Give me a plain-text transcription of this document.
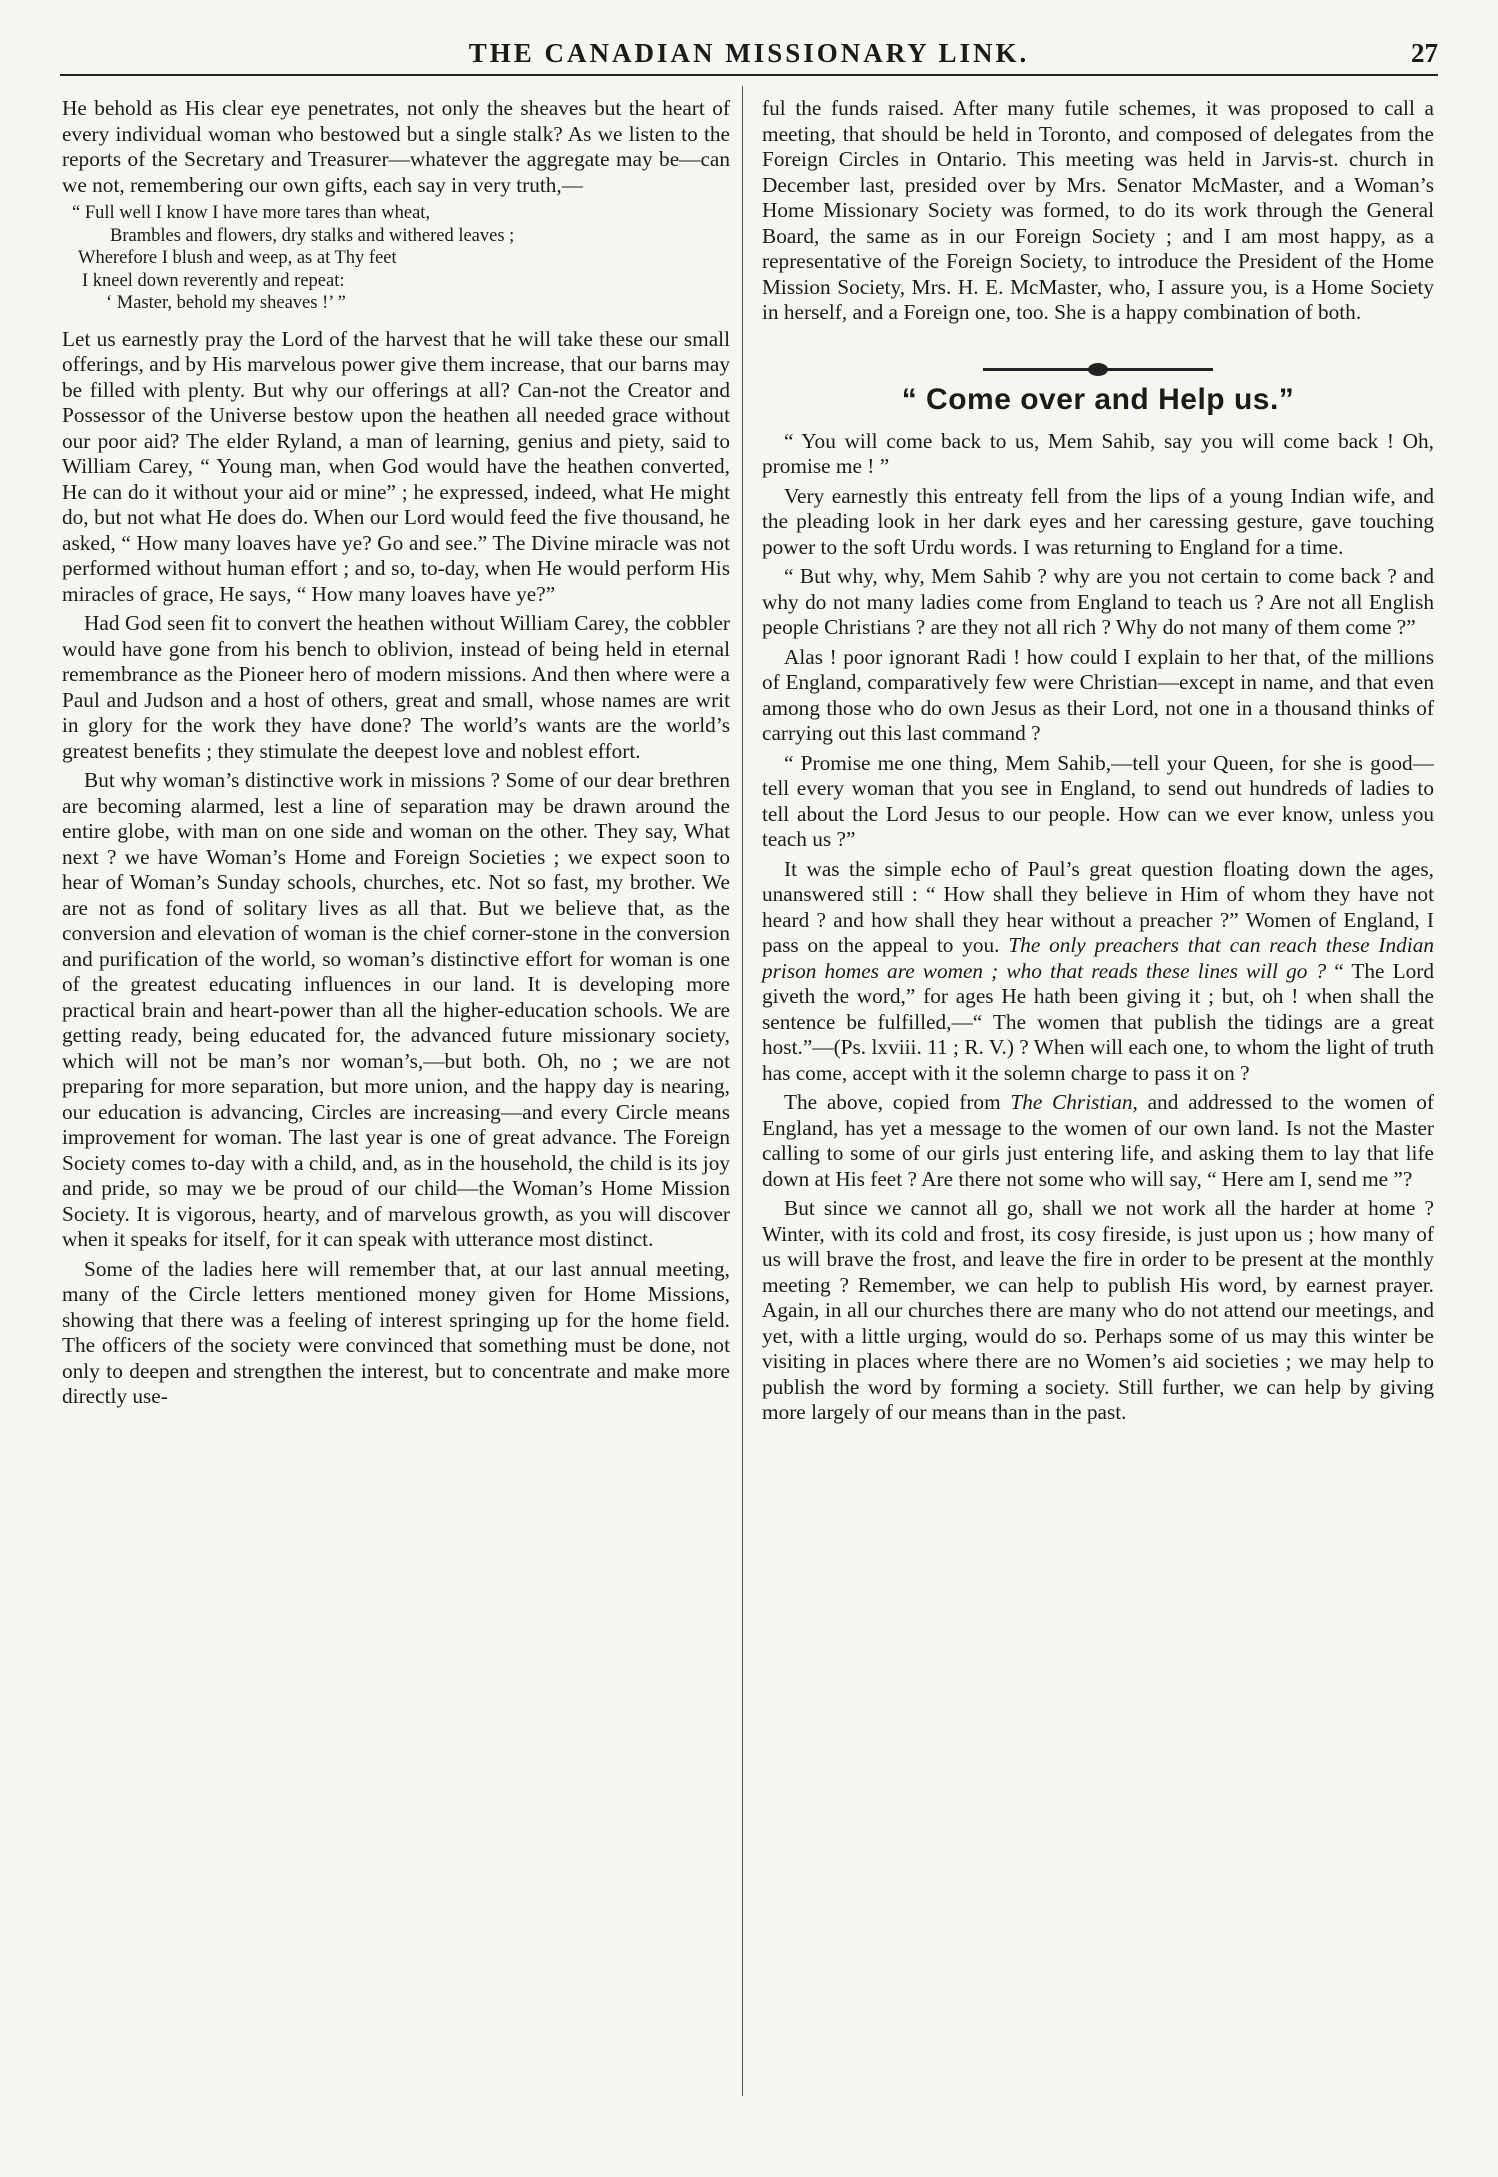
THE CANADIAN MISSIONARY LINK.	27

He behold as His clear eye penetrates, not only the sheaves but the heart of every individual woman who bestowed but a single stalk? As we listen to the reports of the Secretary and Treasurer—whatever the aggregate may be—can we not, remembering our own gifts, each say in very truth,—

“ Full well I know I have more tares than wheat,
Brambles and flowers, dry stalks and withered leaves ;
Wherefore I blush and weep, as at Thy feet
I kneel down reverently and repeat:
‘ Master, behold my sheaves !’ ”

Let us earnestly pray the Lord of the harvest that he will take these our small offerings, and by His marvelous power give them increase, that our barns may be filled with plenty. But why our offerings at all? Can-not the Creator and Possessor of the Universe bestow upon the heathen all needed grace without our poor aid? The elder Ryland, a man of learning, genius and piety, said to William Carey, “ Young man, when God would have the heathen converted, He can do it without your aid or mine” ; he expressed, indeed, what He might do, but not what He does do. When our Lord would feed the five thousand, he asked, “ How many loaves have ye? Go and see.” The Divine miracle was not performed without human effort ; and so, to-day, when He would perform His miracles of grace, He says, “ How many loaves have ye?”

Had God seen fit to convert the heathen without William Carey, the cobbler would have gone from his bench to oblivion, instead of being held in eternal remembrance as the Pioneer hero of modern missions. And then where were a Paul and Judson and a host of others, great and small, whose names are writ in glory for the work they have done? The world’s wants are the world’s greatest benefits ; they stimulate the deepest love and noblest effort.

But why woman’s distinctive work in missions ? Some of our dear brethren are becoming alarmed, lest a line of separation may be drawn around the entire globe, with man on one side and woman on the other. They say, What next ? we have Woman’s Home and Foreign Societies ; we expect soon to hear of Woman’s Sunday schools, churches, etc. Not so fast, my brother. We are not as fond of solitary lives as all that. But we believe that, as the conversion and elevation of woman is the chief corner-stone in the conversion and purification of the world, so woman’s distinctive effort for woman is one of the greatest educating influences in our land. It is developing more practical brain and heart-power than all the higher-education schools. We are getting ready, being educated for, the advanced future missionary society, which will not be man’s nor woman’s,—but both. Oh, no ; we are not preparing for more separation, but more union, and the happy day is nearing, our education is advancing, Circles are increasing—and every Circle means improvement for woman. The last year is one of great advance. The Foreign Society comes to-day with a child, and, as in the household, the child is its joy and pride, so may we be proud of our child—the Woman’s Home Mission Society. It is vigorous, hearty, and of marvelous growth, as you will discover when it speaks for itself, for it can speak with utterance most distinct.

Some of the ladies here will remember that, at our last annual meeting, many of the Circle letters mentioned money given for Home Missions, showing that there was a feeling of interest springing up for the home field. The officers of the society were convinced that something must be done, not only to deepen and strengthen the interest, but to concentrate and make more directly use-

ful the funds raised. After many futile schemes, it was proposed to call a meeting, that should be held in Toronto, and composed of delegates from the Foreign Circles in Ontario. This meeting was held in Jarvis-st. church in December last, presided over by Mrs. Senator McMaster, and a Woman’s Home Missionary Society was formed, to do its work through the General Board, the same as in our Foreign Society ; and I am most happy, as a representative of the Foreign Society, to introduce the President of the Home Mission Society, Mrs. H. E. McMaster, who, I assure you, is a Home Society in herself, and a Foreign one, too. She is a happy combination of both.

“ Come over and Help us.”

“ You will come back to us, Mem Sahib, say you will come back ! Oh, promise me ! ”

Very earnestly this entreaty fell from the lips of a young Indian wife, and the pleading look in her dark eyes and her caressing gesture, gave touching power to the soft Urdu words. I was returning to England for a time.

“ But why, why, Mem Sahib ? why are you not certain to come back ? and why do not many ladies come from England to teach us ? Are not all English people Christians ? are they not all rich ? Why do not many of them come ?”

Alas ! poor ignorant Radi ! how could I explain to her that, of the millions of England, comparatively few were Christian—except in name, and that even among those who do own Jesus as their Lord, not one in a thousand thinks of carrying out this last command ?

“ Promise me one thing, Mem Sahib,—tell your Queen, for she is good—tell every woman that you see in England, to send out hundreds of ladies to tell about the Lord Jesus to our people. How can we ever know, unless you teach us ?”

It was the simple echo of Paul’s great question floating down the ages, unanswered still : “ How shall they believe in Him of whom they have not heard ? and how shall they hear without a preacher ?” Women of England, I pass on the appeal to you. The only preachers that can reach these Indian prison homes are women ; who that reads these lines will go ? “ The Lord giveth the word,” for ages He hath been giving it ; but, oh ! when shall the sentence be fulfilled,—“ The women that publish the tidings are a great host.”—(Ps. lxviii. 11 ; R. V.) ? When will each one, to whom the light of truth has come, accept with it the solemn charge to pass it on ?

The above, copied from The Christian, and addressed to the women of England, has yet a message to the women of our own land. Is not the Master calling to some of our girls just entering life, and asking them to lay that life down at His feet ? Are there not some who will say, “ Here am I, send me ”?

But since we cannot all go, shall we not work all the harder at home ? Winter, with its cold and frost, its cosy fireside, is just upon us ; how many of us will brave the frost, and leave the fire in order to be present at the monthly meeting ? Remember, we can help to publish His word, by earnest prayer. Again, in all our churches there are many who do not attend our meetings, and yet, with a little urging, would do so. Perhaps some of us may this winter be visiting in places where there are no Women’s aid societies ; we may help to publish the word by forming a society. Still further, we can help by giving more largely of our means than in the past.
